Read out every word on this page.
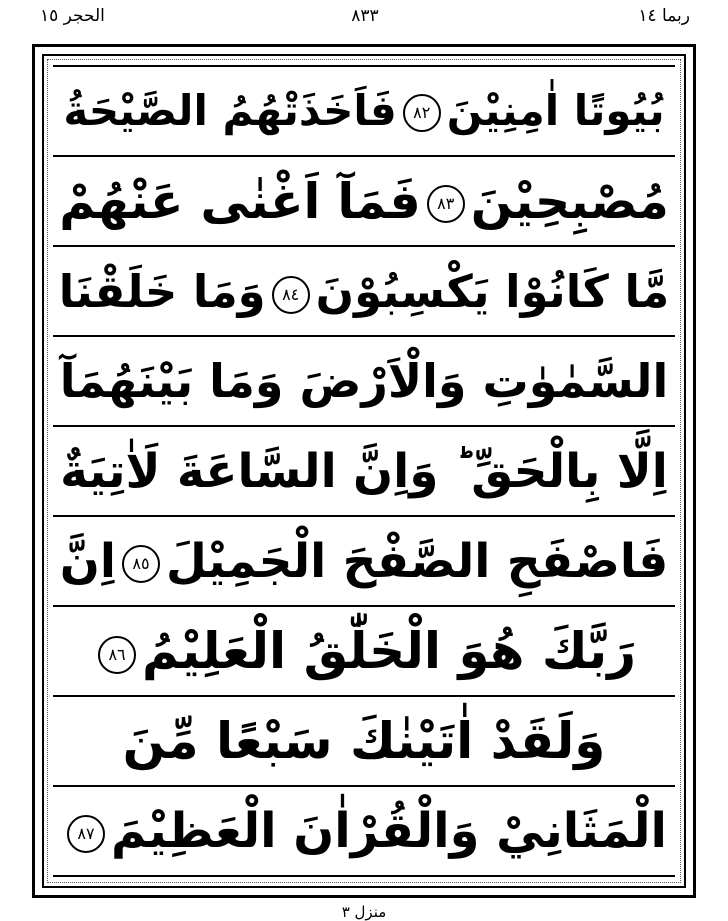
الحجر ١٥	٨٣٣	ربما ١٤
بُيُوتًا اٰمِنِيْنَ٨٢فَاَخَذَتْهُمُ الصَّيْحَةُ
مُصْبِحِيْنَ٨٣فَمَآ اَغْنٰى عَنْهُمْ
مَّا كَانُوْا يَكْسِبُوْنَ٨٤وَمَا خَلَقْنَا
السَّمٰوٰتِ وَالْاَرْضَ وَمَا بَيْنَهُمَآ
اِلَّا بِالْحَقِّ ؕ وَاِنَّ السَّاعَةَ لَاٰتِيَةٌ
فَاصْفَحِ الصَّفْحَ الْجَمِيْلَ٨٥اِنَّ
رَبَّكَ هُوَ الْخَلّٰقُ الْعَلِيْمُ٨٦
وَلَقَدْ اٰتَيْنٰكَ سَبْعًا مِّنَ
الْمَثَانِيْ وَالْقُرْاٰنَ الْعَظِيْمَ٨٧
منزل ٣
